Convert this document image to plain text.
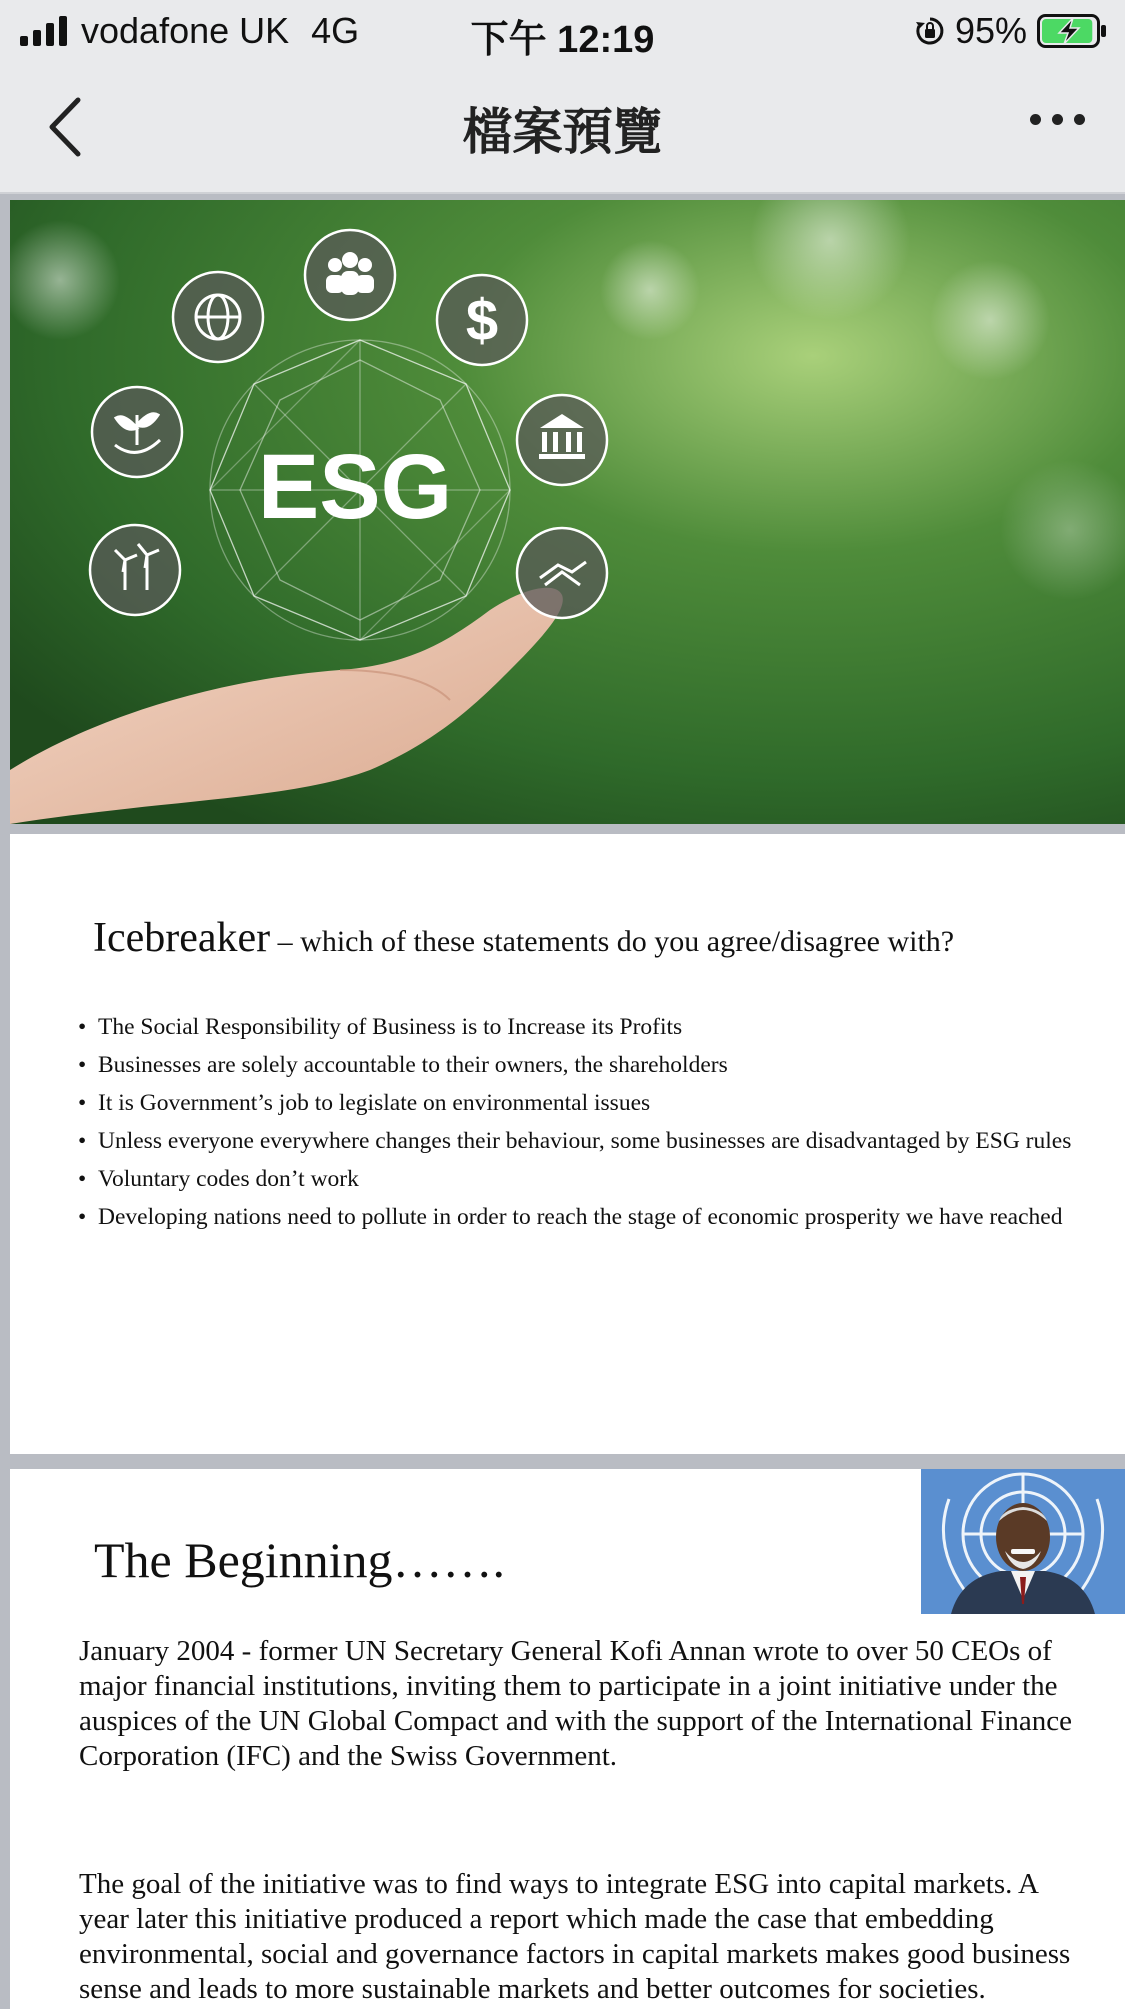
vodafone UK 4G	下午 12:19	95%
檔案預覽
$
ESG
Icebreaker – which of these statements do you agree/disagree with?
• The Social Responsibility of Business is to Increase its Profits
• Businesses are solely accountable to their owners, the shareholders
• It is Government’s job to legislate on environmental issues
• Unless everyone everywhere changes their behaviour, some businesses are disadvantaged by ESG rules
• Voluntary codes don’t work
• Developing nations need to pollute in order to reach the stage of economic prosperity we have reached
The Beginning…….

January 2004 - former UN Secretary General Kofi Annan wrote to over 50 CEOs of major financial institutions, inviting them to participate in a joint initiative under the auspices of the UN Global Compact and with the support of the International Finance Corporation (IFC) and the Swiss Government.

The goal of the initiative was to find ways to integrate ESG into capital markets. A year later this initiative produced a report which made the case that embedding environmental, social and governance factors in capital markets makes good business sense and leads to more sustainable markets and better outcomes for societies.
